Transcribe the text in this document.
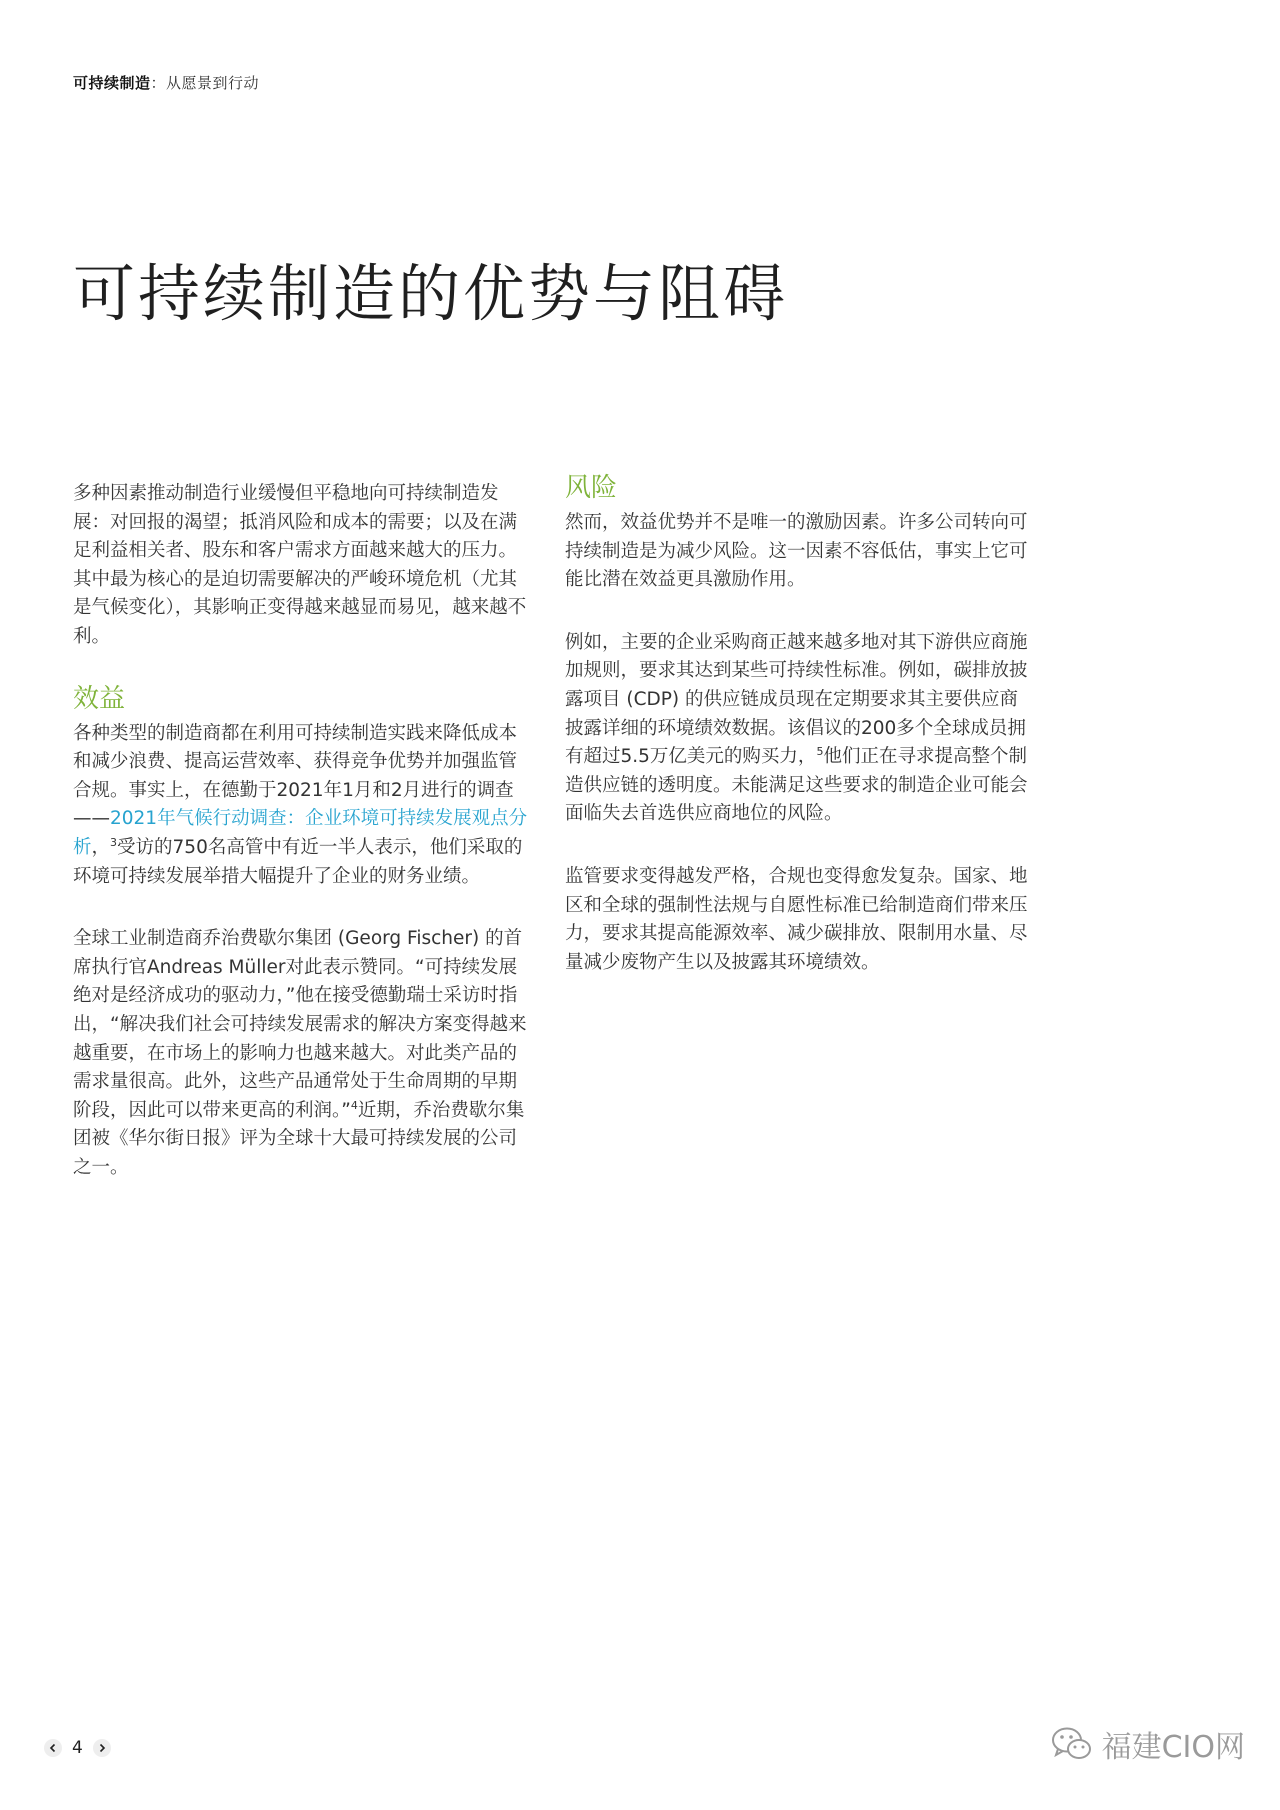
可持续制造：从愿景到行动
可持续制造的优势与阻碍

多种因素推动制造行业缓慢但平稳地向可持续制造发展：对回报的渴望；抵消风险和成本的需要；以及在满足利益相关者、股东和客户需求方面越来越大的压力。其中最为核心的是迫切需要解决的严峻环境危机（尤其是气候变化），其影响正变得越来越显而易见，越来越不利。

效益

各种类型的制造商都在利用可持续制造实践来降低成本和减少浪费、提高运营效率、获得竞争优势并加强监管合规。事实上，在德勤于2021年1月和2月进行的调查——2021年气候行动调查：企业环境可持续发展观点分析，$^3$受访的750名高管中有近一半人表示，他们采取的环境可持续发展举措大幅提升了企业的财务业绩。

全球工业制造商乔治费歇尔集团 (Georg Fischer) 的首席执行官Andreas Müller对此表示赞同。“可持续发展绝对是经济成功的驱动力，”他在接受德勤瑞士采访时指出，“解决我们社会可持续发展需求的解决方案变得越来越重要，在市场上的影响力也越来越大。对此类产品的需求量很高。此外，这些产品通常处于生命周期的早期阶段，因此可以带来更高的利润。”$^4$近期，乔治费歇尔集团被《华尔街日报》评为全球十大最可持续发展的公司之一。

风险

然而，效益优势并不是唯一的激励因素。许多公司转向可持续制造是为减少风险。这一因素不容低估，事实上它可能比潜在效益更具激励作用。

例如，主要的企业采购商正越来越多地对其下游供应商施加规则，要求其达到某些可持续性标准。例如，碳排放披露项目 (CDP) 的供应链成员现在定期要求其主要供应商披露详细的环境绩效数据。该倡议的200多个全球成员拥有超过5.5万亿美元的购买力，$^5$他们正在寻求提高整个制造供应链的透明度。未能满足这些要求的制造企业可能会面临失去首选供应商地位的风险。

监管要求变得越发严格，合规也变得愈发复杂。国家、地区和全球的强制性法规与自愿性标准已给制造商们带来压力，要求其提高能源效率、减少碳排放、限制用水量、尽量减少废物产生以及披露其环境绩效。

4	福建CIO网
